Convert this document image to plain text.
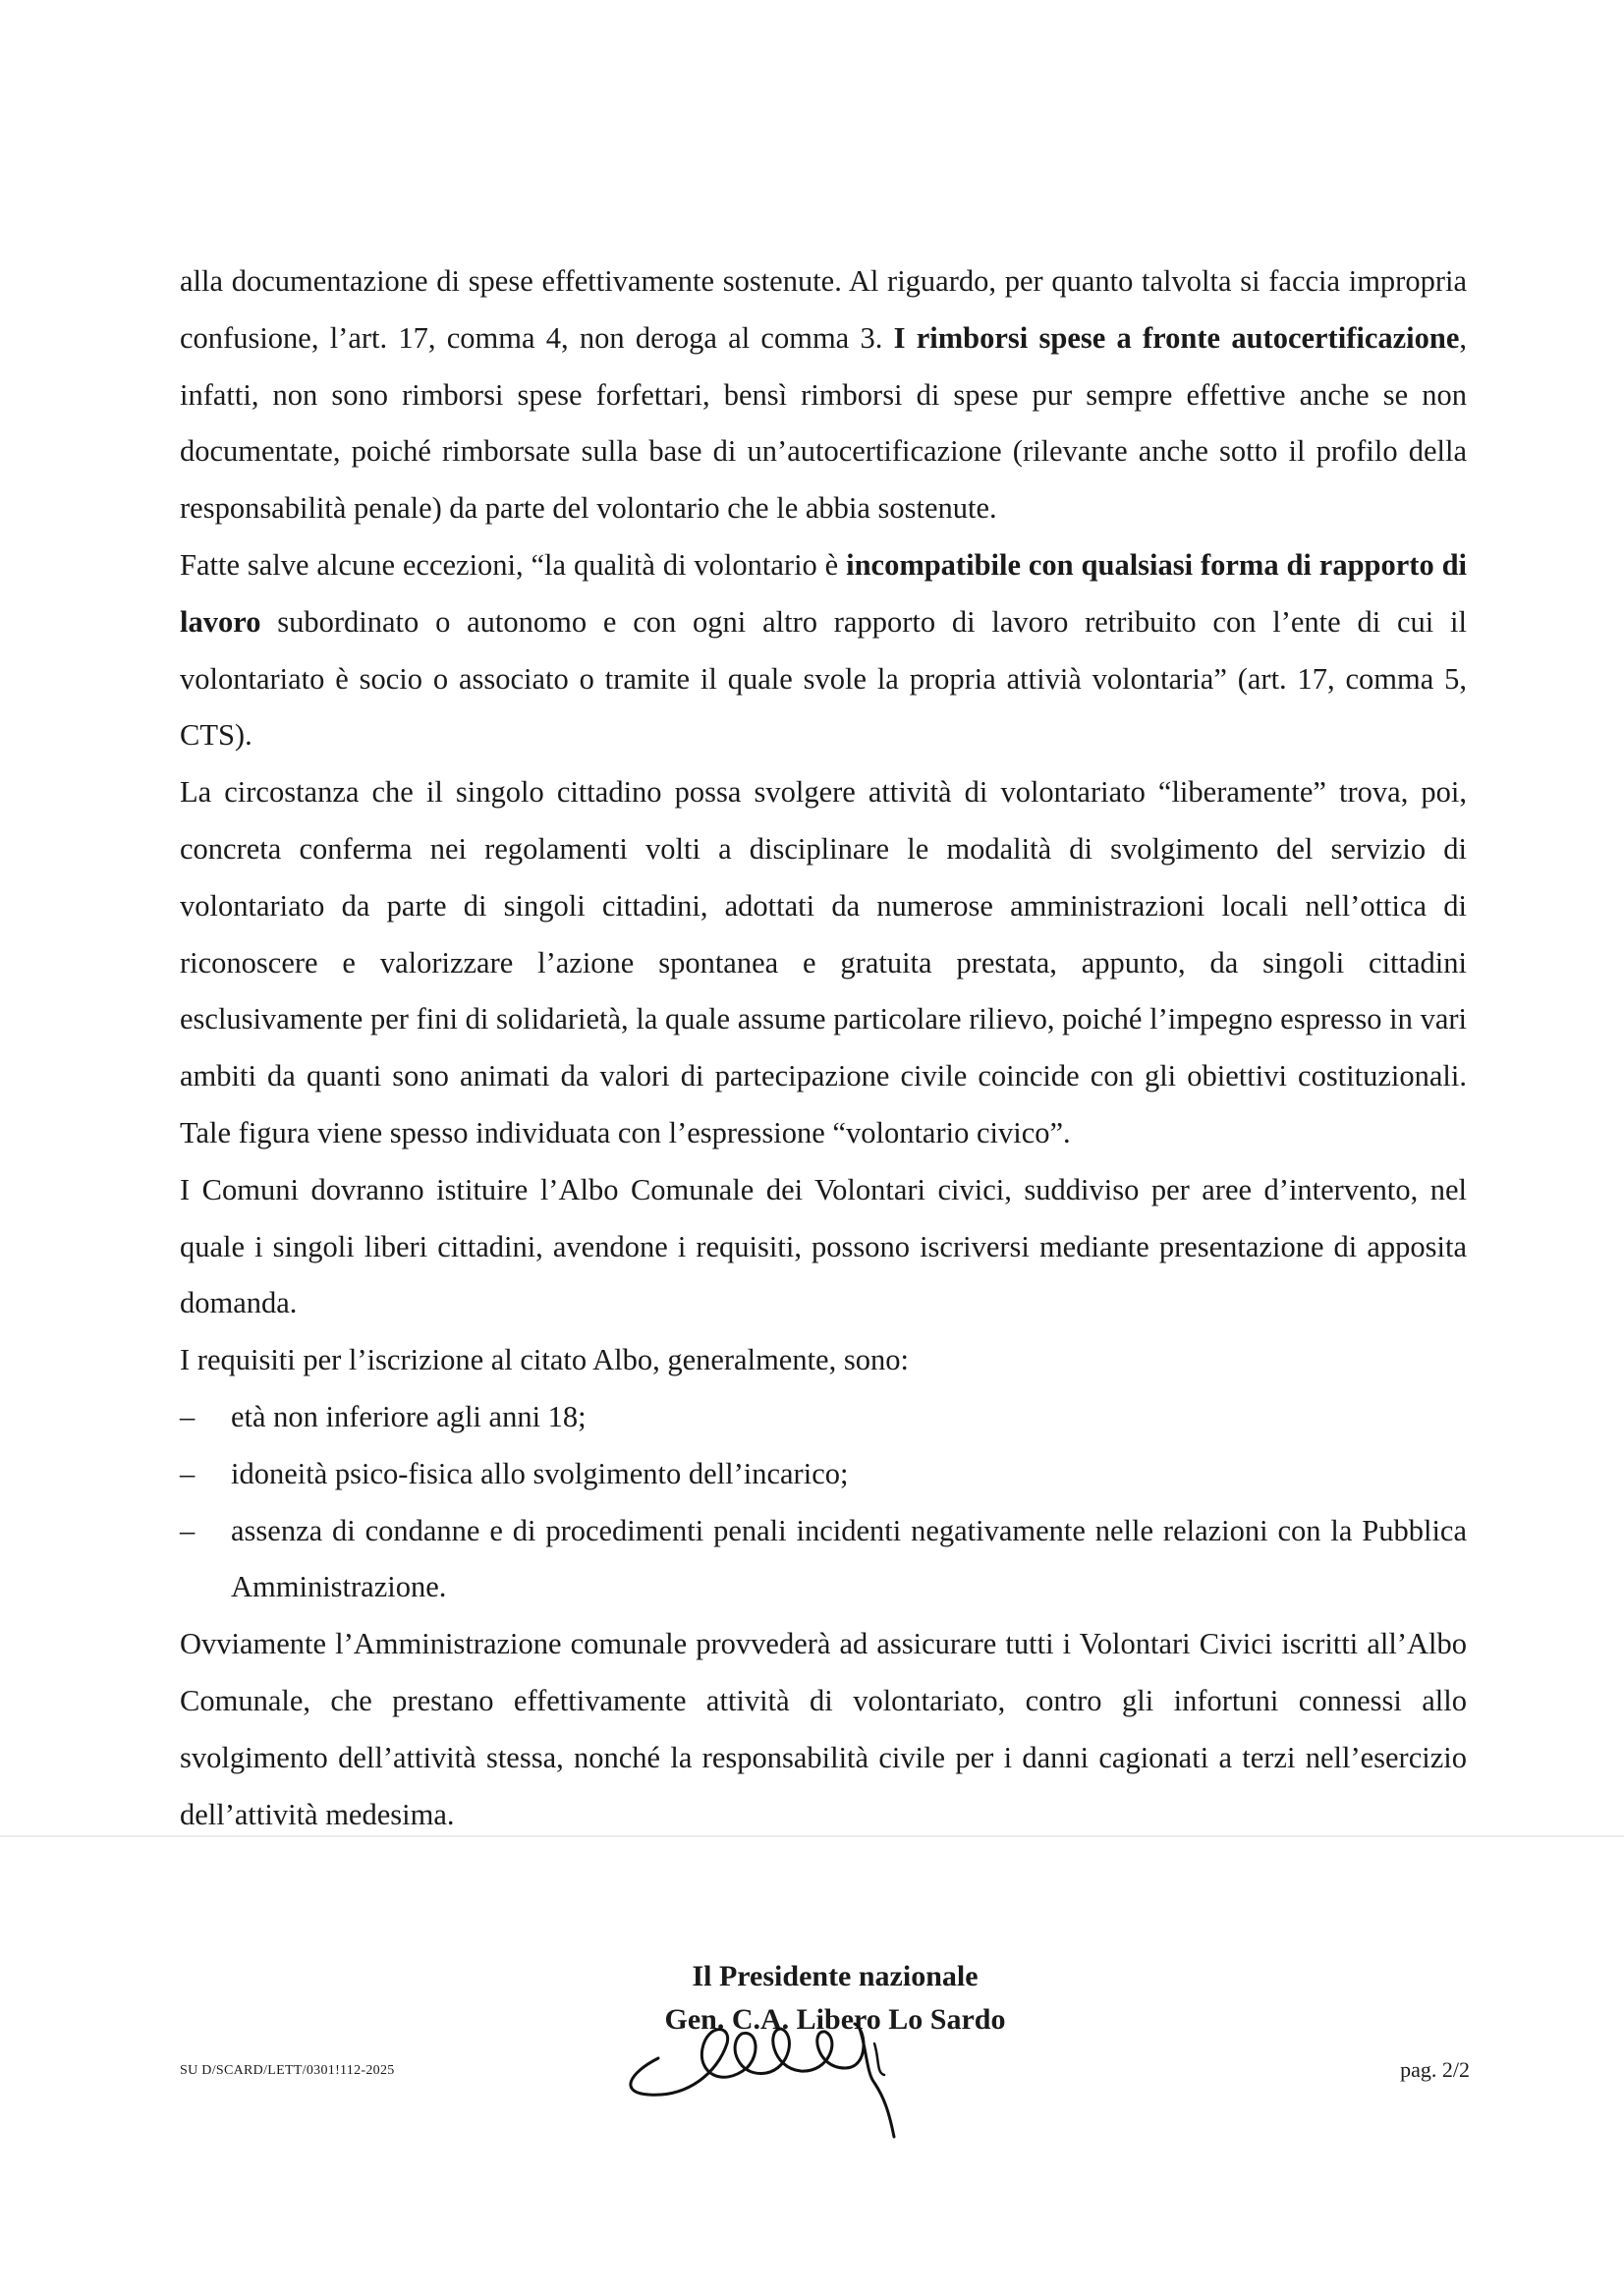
alla documentazione di spese effettivamente sostenute. Al riguardo, per quanto talvolta si faccia impropria confusione, l’art. 17, comma 4, non deroga al comma 3. I rimborsi spese a fronte autocertificazione, infatti, non sono rimborsi spese forfettari, bensì rimborsi di spese pur sempre effettive anche se non documentate, poiché rimborsate sulla base di un’autocertificazione (rilevante anche sotto il profilo della responsabilità penale) da parte del volontario che le abbia sostenute.

Fatte salve alcune eccezioni, “la qualità di volontario è incompatibile con qualsiasi forma di rapporto di lavoro subordinato o autonomo e con ogni altro rapporto di lavoro retribuito con l’ente di cui il volontariato è socio o associato o tramite il quale svole la propria attivià volontaria” (art. 17, comma 5, CTS).

La circostanza che il singolo cittadino possa svolgere attività di volontariato “liberamente” trova, poi, concreta conferma nei regolamenti volti a disciplinare le modalità di svolgimento del servizio di volontariato da parte di singoli cittadini, adottati da numerose amministrazioni locali nell’ottica di riconoscere e valorizzare l’azione spontanea e gratuita prestata, appunto, da singoli cittadini esclusivamente per fini di solidarietà, la quale assume particolare rilievo, poiché l’impegno espresso in vari ambiti da quanti sono animati da valori di partecipazione civile coincide con gli obiettivi costituzionali. Tale figura viene spesso individuata con l’espressione “volontario civico”.

I Comuni dovranno istituire l’Albo Comunale dei Volontari civici, suddiviso per aree d’intervento, nel quale i singoli liberi cittadini, avendone i requisiti, possono iscriversi mediante presentazione di apposita domanda.

I requisiti per l’iscrizione al citato Albo, generalmente, sono:

– età non inferiore agli anni 18;
– idoneità psico-fisica allo svolgimento dell’incarico;
– assenza di condanne e di procedimenti penali incidenti negativamente nelle relazioni con la Pubblica Amministrazione.

Ovviamente l’Amministrazione comunale provvederà ad assicurare tutti i Volontari Civici iscritti all’Albo Comunale, che prestano effettivamente attività di volontariato, contro gli infortuni connessi allo svolgimento dell’attività stessa, nonché la responsabilità civile per i danni cagionati a terzi nell’esercizio dell’attività medesima.

Il Presidente nazionale
Gen. C.A. Libero Lo Sardo
SU D/SCARD/LETT/0301!112-2025	pag. 2/2
